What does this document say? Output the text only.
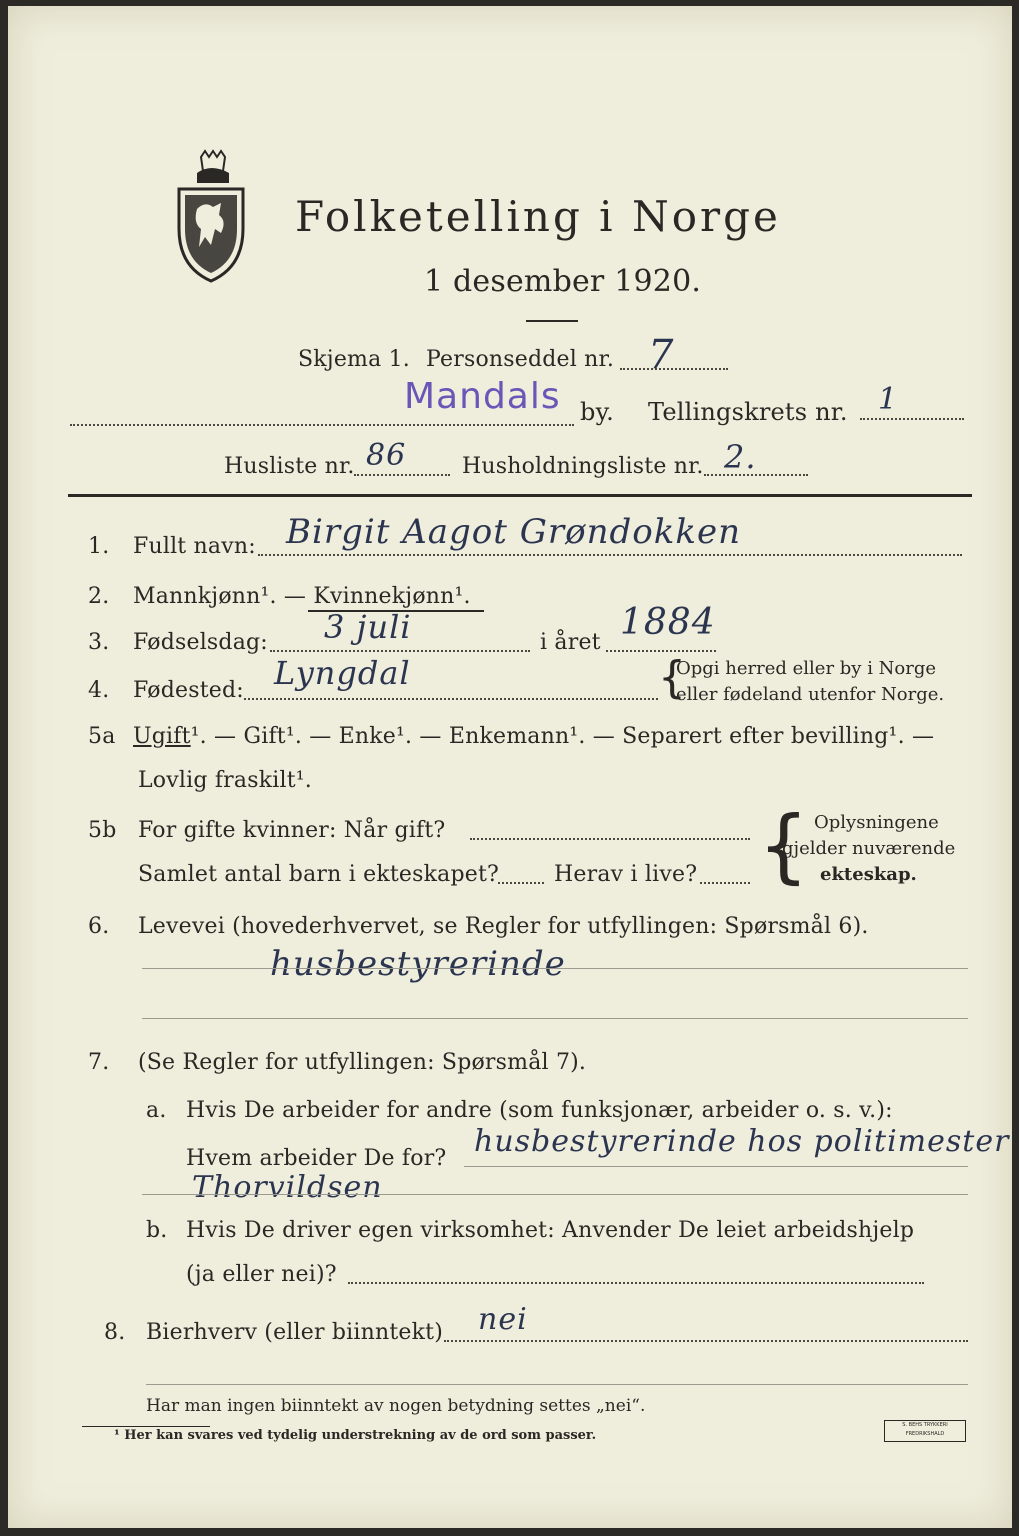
Folketelling i Norge
1 desember 1920.
Skjema 1. Personseddel nr. 7
Mandals by. Tellingskrets nr. 1
Husliste nr. 86	Husholdningsliste nr. 2.
1. Fullt navn: Birgit Aagot Grøndokken
2. Mannkjønn¹. — Kvinnekjønn¹.
3. Fødselsdag: 3 juli	i året 1884
4. Fødested: Lyngdal	{
Opgi herred eller by i Norge
eller fødeland utenfor Norge.
5a Ugift¹. — Gift¹. — Enke¹. — Enkemann¹. — Separert efter bevilling¹. —
Lovlig fraskilt¹.
5b For gifte kvinner: Når gift?
Samlet antal barn i ekteskapet? Herav i live? { Oplysningene
gjelder nuværende
ekteskap.
6. Levevei (hovederhvervet, se Regler for utfyllingen: Spørsmål 6).
husbestyrerinde
7. (Se Regler for utfyllingen: Spørsmål 7).
a. Hvis De arbeider for andre (som funksjonær, arbeider o. s. v.):
Hvem arbeider De for? husbestyrerinde hos politimester
Thorvildsen
b. Hvis De driver egen virksomhet: Anvender De leiet arbeidshjelp
(ja eller nei)?
8. Bierhverv (eller biinntekt) nei
Har man ingen biinntekt av nogen betydning settes „nei“.
¹ Her kan svares ved tydelig understrekning av de ord som passer.
S. BEHS TRYKKERI
FREDRIKSHALD
